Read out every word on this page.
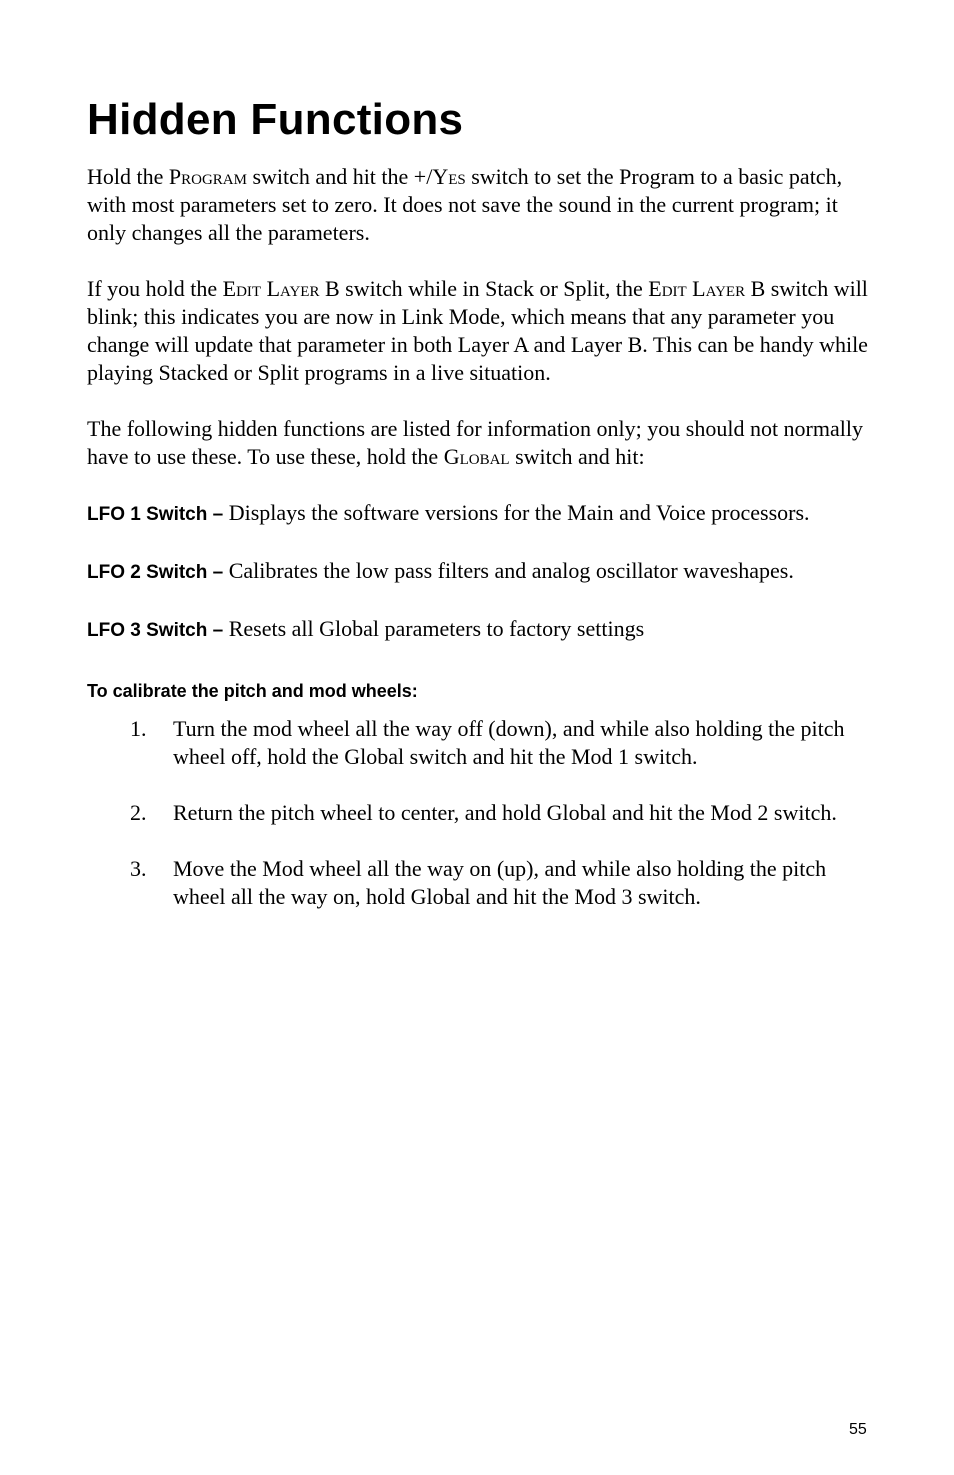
Hidden Functions

Hold the Program switch and hit the +/Yes switch to set the Program to a basic patch, with most parameters set to zero. It does not save the sound in the current program; it only changes all the parameters.

If you hold the Edit Layer B switch while in Stack or Split, the Edit Layer B switch will blink; this indicates you are now in Link Mode, which means that any parameter you change will update that parameter in both Layer A and Layer B. This can be handy while playing Stacked or Split programs in a live situation.

The following hidden functions are listed for information only; you should not normally have to use these. To use these, hold the Global switch and hit:

LFO 1 Switch – Displays the software versions for the Main and Voice processors.

LFO 2 Switch – Calibrates the low pass filters and analog oscillator waveshapes.

LFO 3 Switch – Resets all Global parameters to factory settings

To calibrate the pitch and mod wheels:
1. Turn the mod wheel all the way off (down), and while also holding the pitch wheel off, hold the Global switch and hit the Mod 1 switch.
2. Return the pitch wheel to center, and hold Global and hit the Mod 2 switch.
3. Move the Mod wheel all the way on (up), and while also holding the pitch wheel all the way on, hold Global and hit the Mod 3 switch.
55
